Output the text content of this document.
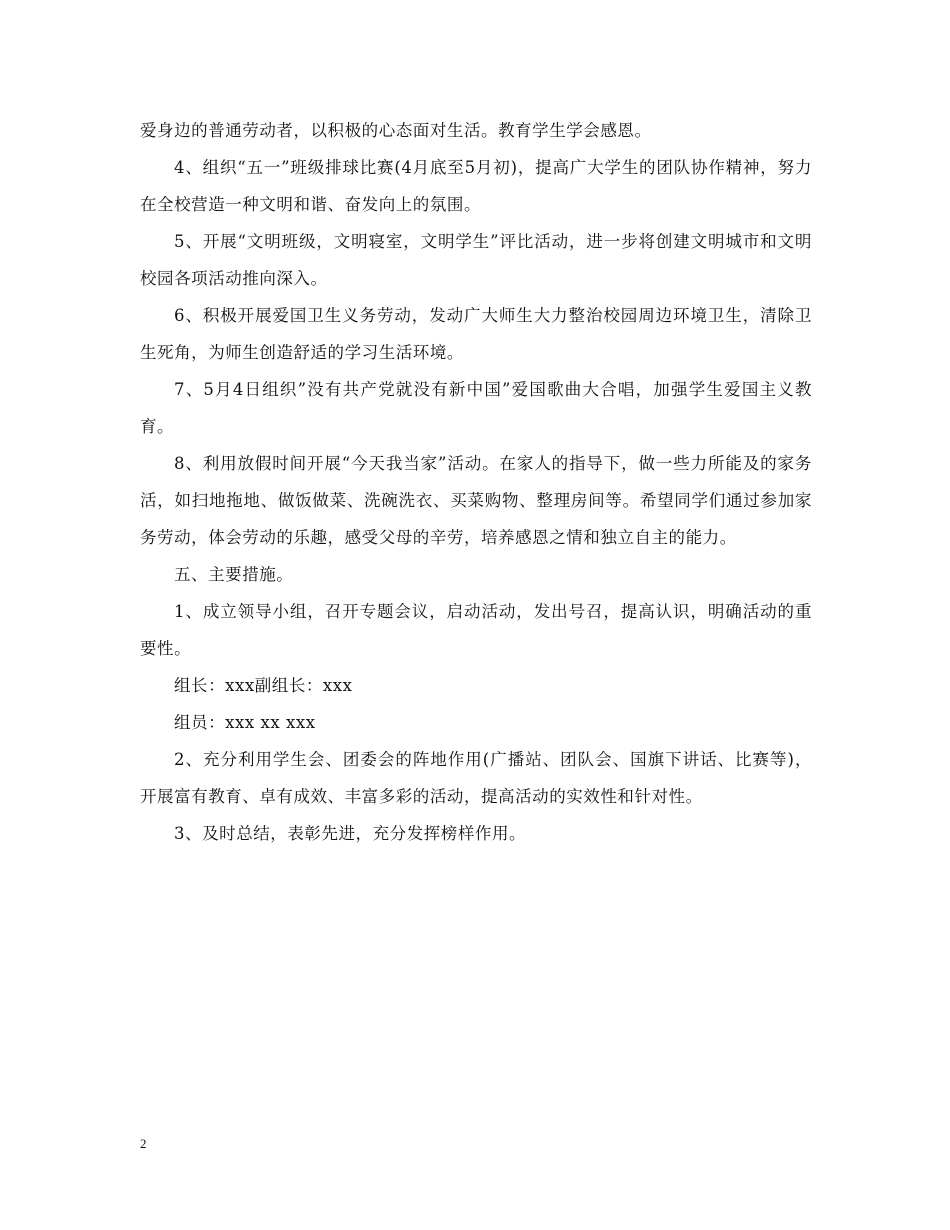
爱身边的普通劳动者，以积极的心态面对生活。教育学生学会感恩。

4、组织“五一”班级排球比赛(4月底至5月初)，提高广大学生的团队协作精神，努力在全校营造一种文明和谐、奋发向上的氛围。

5、开展“文明班级，文明寝室，文明学生”评比活动，进一步将创建文明城市和文明校园各项活动推向深入。

6、积极开展爱国卫生义务劳动，发动广大师生大力整治校园周边环境卫生，清除卫生死角，为师生创造舒适的学习生活环境。

7、5月4日组织”没有共产党就没有新中国”爱国歌曲大合唱，加强学生爱国主义教育。

8、利用放假时间开展“今天我当家”活动。在家人的指导下，做一些力所能及的家务活，如扫地拖地、做饭做菜、洗碗洗衣、买菜购物、整理房间等。希望同学们通过参加家务劳动，体会劳动的乐趣，感受父母的辛劳，培养感恩之情和独立自主的能力。

五、主要措施。

1、成立领导小组，召开专题会议，启动活动，发出号召，提高认识，明确活动的重要性。

组长：xxx副组长：xxx

组员：xxx xx xxx

2、充分利用学生会、团委会的阵地作用(广播站、团队会、国旗下讲话、比赛等)，开展富有教育、卓有成效、丰富多彩的活动，提高活动的实效性和针对性。

3、及时总结，表彰先进，充分发挥榜样作用。

2
